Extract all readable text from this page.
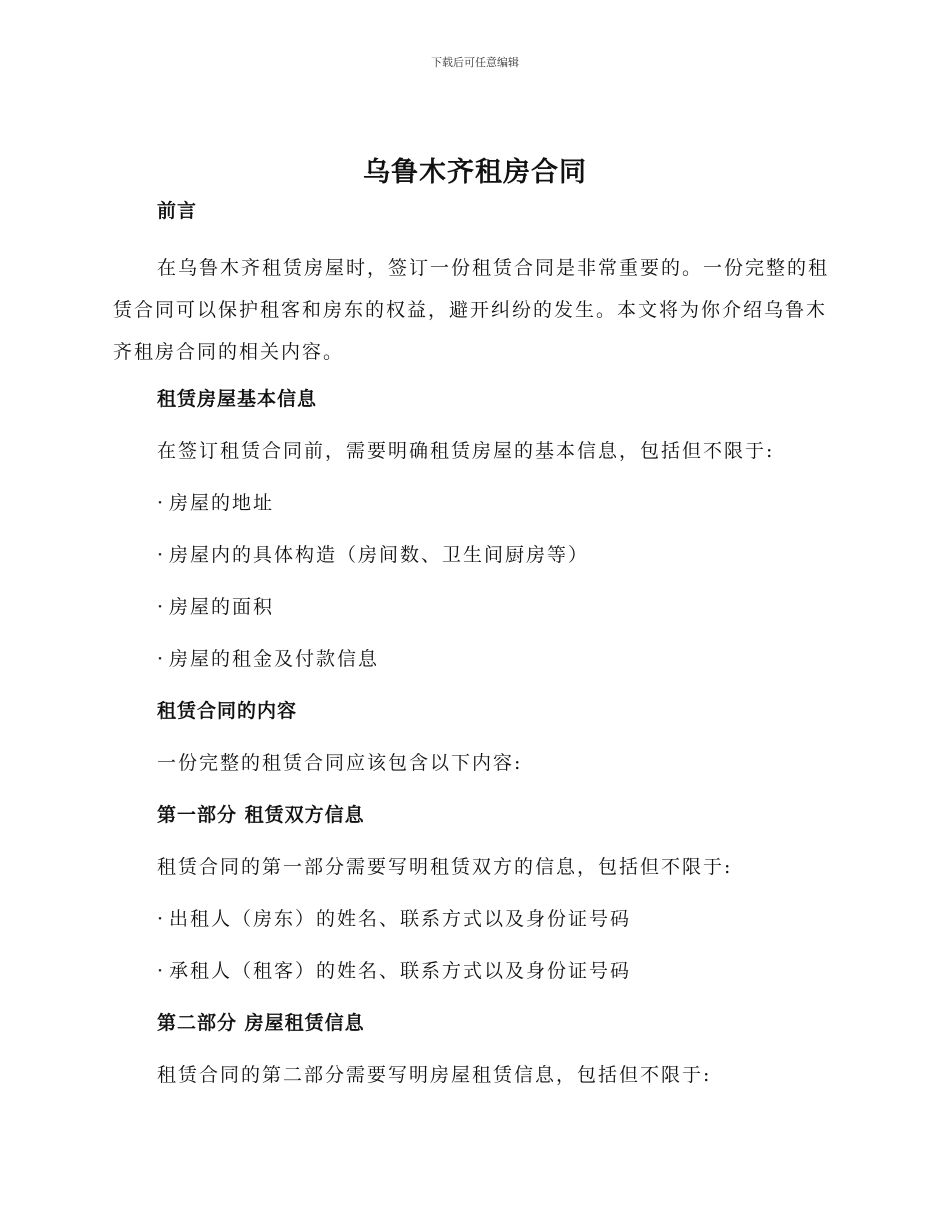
下载后可任意编辑
乌鲁木齐租房合同
前言
在乌鲁木齐租赁房屋时，签订一份租赁合同是非常重要的。一份完整的租赁合同可以保护租客和房东的权益，避开纠纷的发生。本文将为你介绍乌鲁木齐租房合同的相关内容。
租赁房屋基本信息
在签订租赁合同前，需要明确租赁房屋的基本信息，包括但不限于:
· 房屋的地址
· 房屋内的具体构造（房间数、卫生间厨房等）
· 房屋的面积
· 房屋的租金及付款信息
租赁合同的内容
一份完整的租赁合同应该包含以下内容:
第一部分 租赁双方信息
租赁合同的第一部分需要写明租赁双方的信息，包括但不限于:
· 出租人（房东）的姓名、联系方式以及身份证号码
· 承租人（租客）的姓名、联系方式以及身份证号码
第二部分 房屋租赁信息
租赁合同的第二部分需要写明房屋租赁信息，包括但不限于:
